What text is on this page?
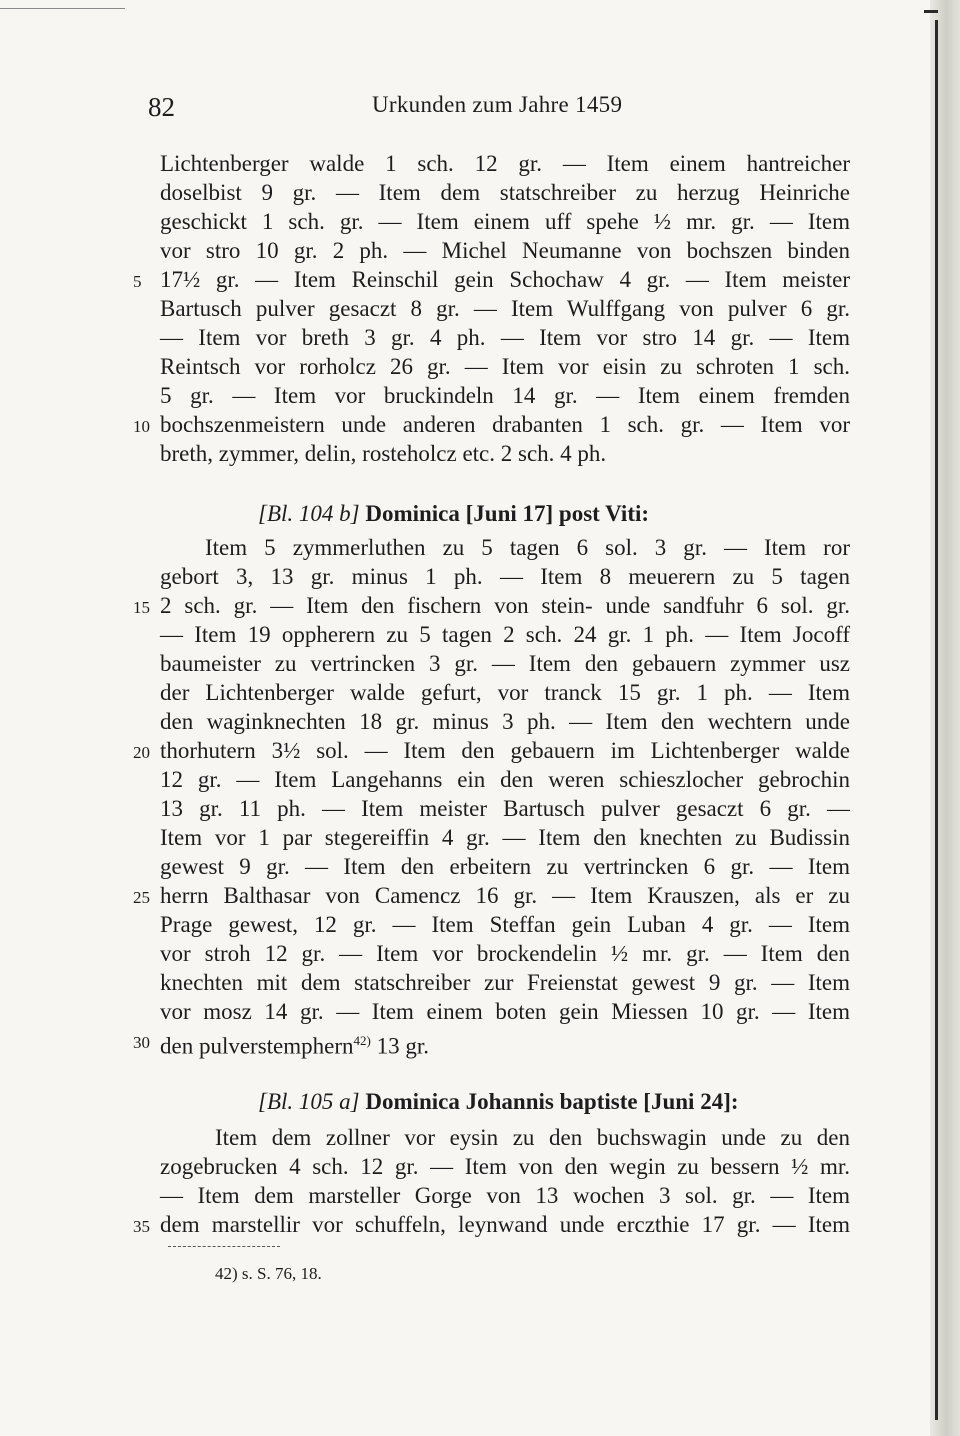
82	Urkunden zum Jahre 1459
Lichtenberger walde 1 sch. 12 gr. — Item einem hantreicher
doselbist 9 gr. — Item dem statschreiber zu herzug Heinriche
geschickt 1 sch. gr. — Item einem uff spehe ½ mr. gr. — Item
vor stro 10 gr. 2 ph. — Michel Neumanne von bochszen binden
17½ gr. — Item Reinschil gein Schochaw 4 gr. — Item meister
Bartusch pulver gesaczt 8 gr. — Item Wulffgang von pulver 6 gr.
— Item vor breth 3 gr. 4 ph. — Item vor stro 14 gr. — Item
Reintsch vor rorholcz 26 gr. — Item vor eisin zu schroten 1 sch.
5 gr. — Item vor bruckindeln 14 gr. — Item einem fremden
bochszenmeistern unde anderen drabanten 1 sch. gr. — Item vor
breth, zymmer, delin, rosteholcz etc. 2 sch. 4 ph.
[Bl. 104 b] Dominica [Juni 17] post Viti:
Item 5 zymmerluthen zu 5 tagen 6 sol. 3 gr. — Item ror
gebort 3, 13 gr. minus 1 ph. — Item 8 meuerern zu 5 tagen
2 sch. gr. — Item den fischern von stein- unde sandfuhr 6 sol. gr.
— Item 19 oppherern zu 5 tagen 2 sch. 24 gr. 1 ph. — Item Jocoff
baumeister zu vertrincken 3 gr. — Item den gebauern zymmer usz
der Lichtenberger walde gefurt, vor tranck 15 gr. 1 ph. — Item
den waginknechten 18 gr. minus 3 ph. — Item den wechtern unde
thorhutern 3½ sol. — Item den gebauern im Lichtenberger walde
12 gr. — Item Langehanns ein den weren schieszlocher gebrochin
13 gr. 11 ph. — Item meister Bartusch pulver gesaczt 6 gr. —
Item vor 1 par stegereiffin 4 gr. — Item den knechten zu Budissin
gewest 9 gr. — Item den erbeitern zu vertrincken 6 gr. — Item
herrn Balthasar von Camencz 16 gr. — Item Krauszen, als er zu
Prage gewest, 12 gr. — Item Steffan gein Luban 4 gr. — Item
vor stroh 12 gr. — Item vor brockendelin ½ mr. gr. — Item den
knechten mit dem statschreiber zur Freienstat gewest 9 gr. — Item
vor mosz 14 gr. — Item einem boten gein Miessen 10 gr. — Item
den pulverstemphern$^{42)}$ 13 gr.
[Bl. 105 a] Dominica Johannis baptiste [Juni 24]:
Item dem zollner vor eysin zu den buchswagin unde zu den
zogebrucken 4 sch. 12 gr. — Item von den wegin zu bessern ½ mr.
— Item dem marsteller Gorge von 13 wochen 3 sol. gr. — Item
dem marstellir vor schuffeln, leynwand unde erczthie 17 gr. — Item
5
10
15
20
25
30
35
42) s. S. 76, 18.
